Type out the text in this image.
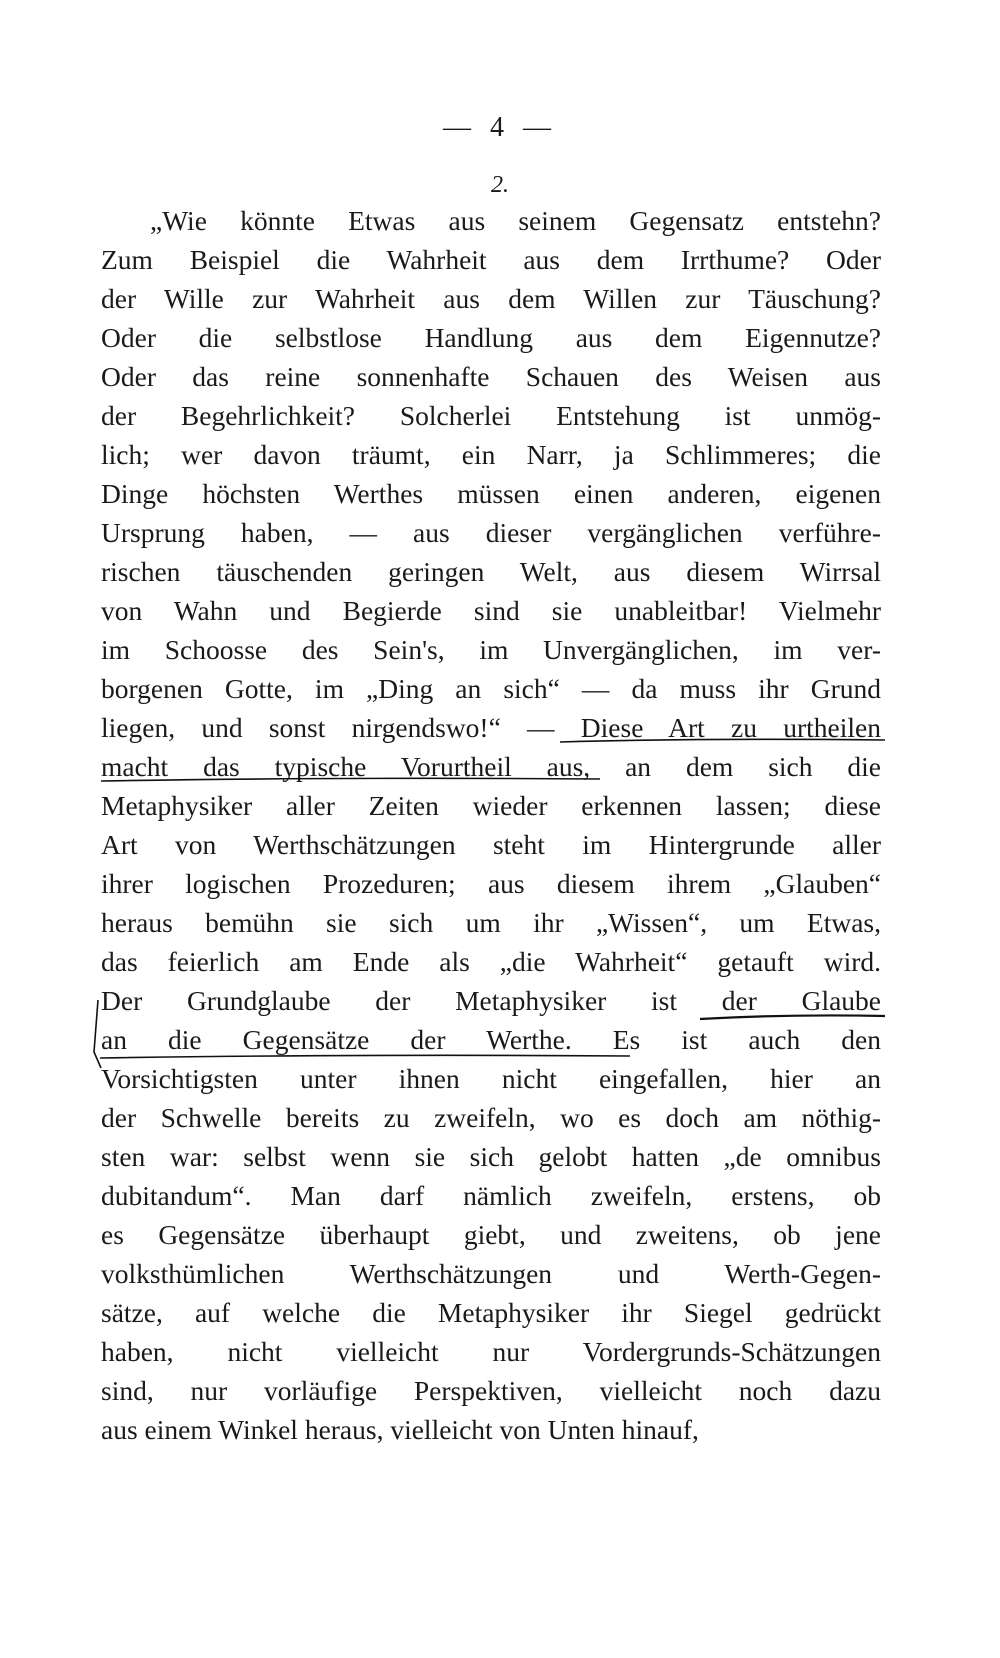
— 4 —
2.
„Wie könnte Etwas aus seinem Gegensatz entstehn?
Zum Beispiel die Wahrheit aus dem Irrthume? Oder
der Wille zur Wahrheit aus dem Willen zur Täuschung?
Oder die selbstlose Handlung aus dem Eigennutze?
Oder das reine sonnenhafte Schauen des Weisen aus
der Begehrlichkeit? Solcherlei Entstehung ist unmög-
lich; wer davon träumt, ein Narr, ja Schlimmeres; die
Dinge höchsten Werthes müssen einen anderen, eigenen
Ursprung haben, — aus dieser vergänglichen verführe-
rischen täuschenden geringen Welt, aus diesem Wirrsal
von Wahn und Begierde sind sie unableitbar! Vielmehr
im Schoosse des Sein's, im Unvergänglichen, im ver-
borgenen Gotte, im „Ding an sich“ — da muss ihr Grund
liegen, und sonst nirgendswo!“ — Diese Art zu urtheilen
macht das typische Vorurtheil aus, an dem sich die
Metaphysiker aller Zeiten wieder erkennen lassen; diese
Art von Werthschätzungen steht im Hintergrunde aller
ihrer logischen Prozeduren; aus diesem ihrem „Glauben“
heraus bemühn sie sich um ihr „Wissen“, um Etwas,
das feierlich am Ende als „die Wahrheit“ getauft wird.
Der Grundglaube der Metaphysiker ist der Glaube
an die Gegensätze der Werthe. Es ist auch den
Vorsichtigsten unter ihnen nicht eingefallen, hier an
der Schwelle bereits zu zweifeln, wo es doch am nöthig-
sten war: selbst wenn sie sich gelobt hatten „de omnibus
dubitandum“. Man darf nämlich zweifeln, erstens, ob
es Gegensätze überhaupt giebt, und zweitens, ob jene
volksthümlichen Werthschätzungen und Werth-Gegen-
sätze, auf welche die Metaphysiker ihr Siegel gedrückt
haben, nicht vielleicht nur Vordergrunds-Schätzungen
sind, nur vorläufige Perspektiven, vielleicht noch dazu
aus einem Winkel heraus, vielleicht von Unten hinauf,
